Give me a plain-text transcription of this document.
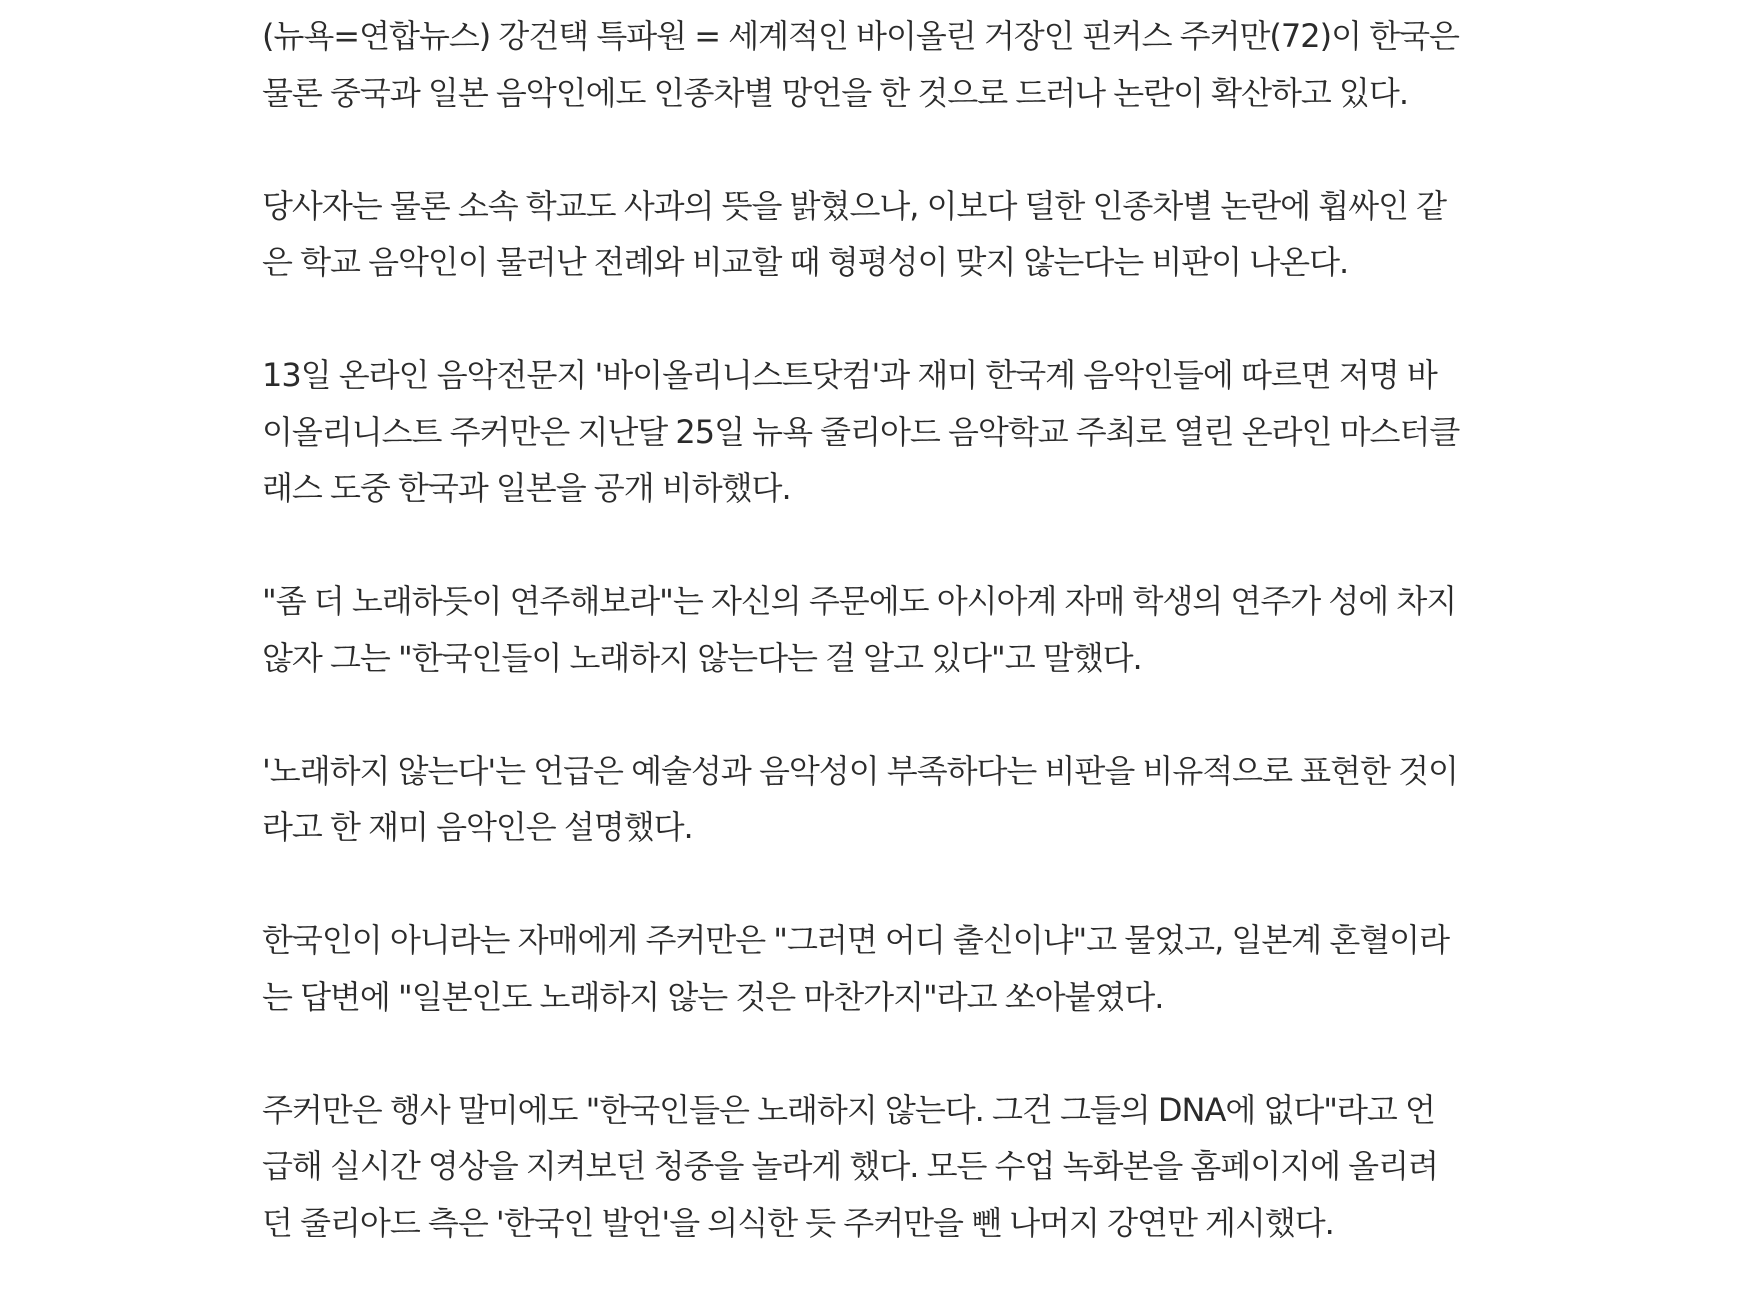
(뉴욕=연합뉴스) 강건택 특파원 = 세계적인 바이올린 거장인 핀커스 주커만(72)이 한국은
물론 중국과 일본 음악인에도 인종차별 망언을 한 것으로 드러나 논란이 확산하고 있다.

당사자는 물론 소속 학교도 사과의 뜻을 밝혔으나, 이보다 덜한 인종차별 논란에 휩싸인 같
은 학교 음악인이 물러난 전례와 비교할 때 형평성이 맞지 않는다는 비판이 나온다.

13일 온라인 음악전문지 '바이올리니스트닷컴'과 재미 한국계 음악인들에 따르면 저명 바
이올리니스트 주커만은 지난달 25일 뉴욕 줄리아드 음악학교 주최로 열린 온라인 마스터클
래스 도중 한국과 일본을 공개 비하했다.

"좀 더 노래하듯이 연주해보라"는 자신의 주문에도 아시아계 자매 학생의 연주가 성에 차지
않자 그는 "한국인들이 노래하지 않는다는 걸 알고 있다"고 말했다.

'노래하지 않는다'는 언급은 예술성과 음악성이 부족하다는 비판을 비유적으로 표현한 것이
라고 한 재미 음악인은 설명했다.

한국인이 아니라는 자매에게 주커만은 "그러면 어디 출신이냐"고 물었고, 일본계 혼혈이라
는 답변에 "일본인도 노래하지 않는 것은 마찬가지"라고 쏘아붙였다.

주커만은 행사 말미에도 "한국인들은 노래하지 않는다. 그건 그들의 DNA에 없다"라고 언
급해 실시간 영상을 지켜보던 청중을 놀라게 했다. 모든 수업 녹화본을 홈페이지에 올리려
던 줄리아드 측은 '한국인 발언'을 의식한 듯 주커만을 뺀 나머지 강연만 게시했다.
